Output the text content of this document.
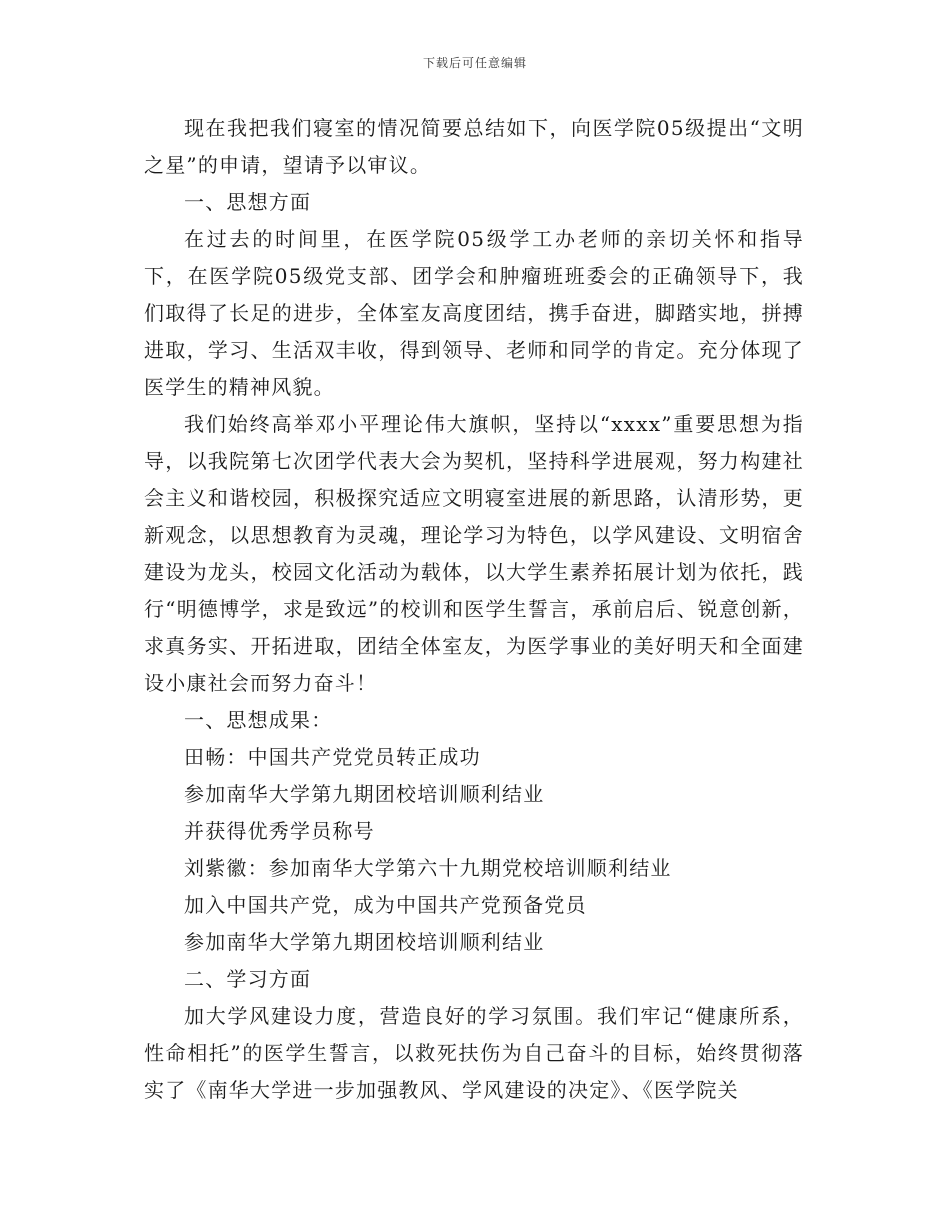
下载后可任意编辑

现在我把我们寝室的情况简要总结如下，向医学院05级提出“文明之星”的申请，望请予以审议。

一、思想方面

在过去的时间里，在医学院05级学工办老师的亲切关怀和指导下，在医学院05级党支部、团学会和肿瘤班班委会的正确领导下，我们取得了长足的进步，全体室友高度团结，携手奋进，脚踏实地，拼搏进取，学习、生活双丰收，得到领导、老师和同学的肯定。充分体现了医学生的精神风貌。

我们始终高举邓小平理论伟大旗帜，坚持以“xxxx”重要思想为指导，以我院第七次团学代表大会为契机，坚持科学进展观，努力构建社会主义和谐校园，积极探究适应文明寝室进展的新思路，认清形势，更新观念，以思想教育为灵魂，理论学习为特色，以学风建设、文明宿舍建设为龙头，校园文化活动为载体，以大学生素养拓展计划为依托，践行“明德博学，求是致远”的校训和医学生誓言，承前启后、锐意创新，求真务实、开拓进取，团结全体室友，为医学事业的美好明天和全面建设小康社会而努力奋斗！

一、思想成果：

田畅：中国共产党党员转正成功

参加南华大学第九期团校培训顺利结业

并获得优秀学员称号

刘紫徽：参加南华大学第六十九期党校培训顺利结业

加入中国共产党，成为中国共产党预备党员

参加南华大学第九期团校培训顺利结业

二、学习方面

加大学风建设力度，营造良好的学习氛围。我们牢记“健康所系，性命相托”的医学生誓言，以救死扶伤为自己奋斗的目标，始终贯彻落实了《南华大学进一步加强教风、学风建设的决定》、《医学院关
